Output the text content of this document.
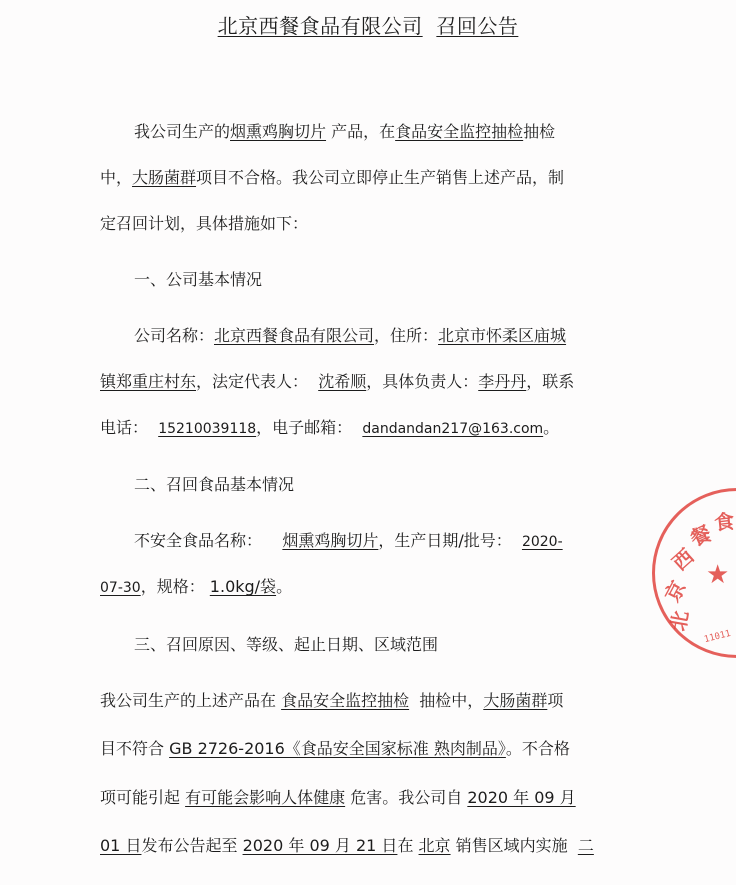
北京西餐食品有限公司 召回公告
我公司生产的烟熏鸡胸切片 产品，在食品安全监控抽检抽检
中，大肠菌群项目不合格。我公司立即停止生产销售上述产品，制
定召回计划，具体措施如下：
一、公司基本情况
公司名称：北京西餐食品有限公司，住所：北京市怀柔区庙城
镇郑重庄村东，法定代表人： 沈希顺，具体负责人：李丹丹，联系
电话： 15210039118，电子邮箱： dandandan217@163.com。
二、召回食品基本情况
不安全食品名称： 烟熏鸡胸切片，生产日期/批号： 2020-
07-30，规格： 1.0kg/袋。
三、召回原因、等级、起止日期、区域范围
我公司生产的上述产品在 食品安全监控抽检 抽检中，大肠菌群项
目不符合 GB 2726-2016《食品安全国家标准 熟肉制品》。不合格
项可能引起 有可能会影响人体健康 危害。我公司自 2020 年 09 月
01 日发布公告起至 2020 年 09 月 21 日在 北京 销售区域内实施 二
北
京
西
餐
食
★
11011
